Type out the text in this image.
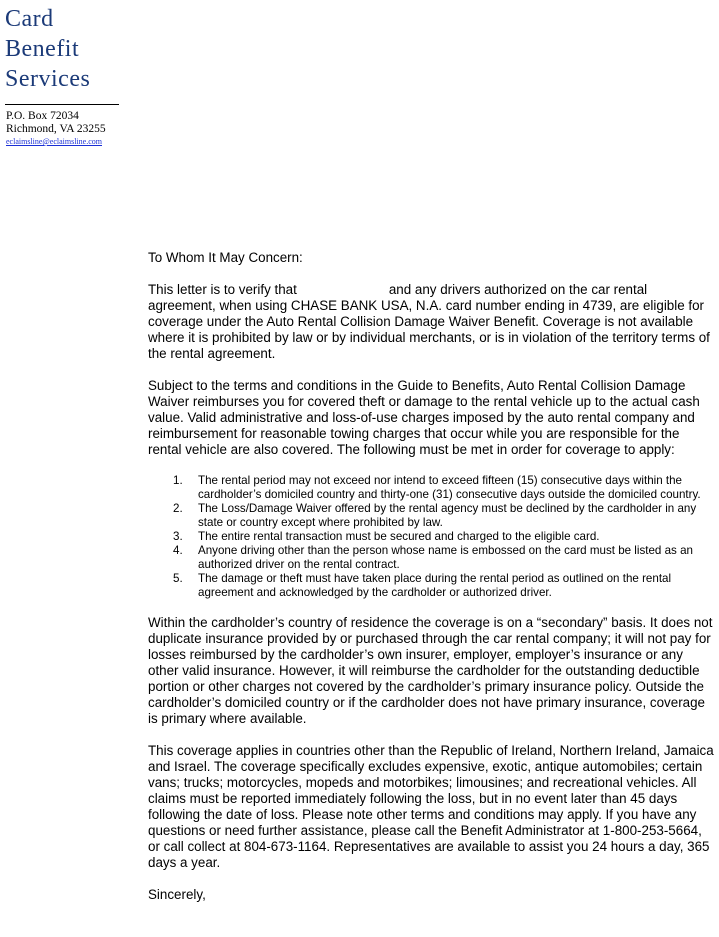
Card
Benefit
Services
P.O. Box 72034
Richmond, VA 23255
eclaimsline@eclaimsline.com

To Whom It May Concern:

This letter is to verify that	and any drivers authorized on the car rental agreement, when using CHASE BANK USA, N.A. card number ending in 4739, are eligible for coverage under the Auto Rental Collision Damage Waiver Benefit. Coverage is not available where it is prohibited by law or by individual merchants, or is in violation of the territory terms of the rental agreement.

Subject to the terms and conditions in the Guide to Benefits, Auto Rental Collision Damage Waiver reimburses you for covered theft or damage to the rental vehicle up to the actual cash value. Valid administrative and loss-of-use charges imposed by the auto rental company and reimbursement for reasonable towing charges that occur while you are responsible for the rental vehicle are also covered. The following must be met in order for coverage to apply:

1. The rental period may not exceed nor intend to exceed fifteen (15) consecutive days within the cardholder’s domiciled country and thirty-one (31) consecutive days outside the domiciled country.
2. The Loss/Damage Waiver offered by the rental agency must be declined by the cardholder in any state or country except where prohibited by law.
3. The entire rental transaction must be secured and charged to the eligible card.
4. Anyone driving other than the person whose name is embossed on the card must be listed as an authorized driver on the rental contract.
5. The damage or theft must have taken place during the rental period as outlined on the rental agreement and acknowledged by the cardholder or authorized driver.

Within the cardholder’s country of residence the coverage is on a “secondary” basis. It does not duplicate insurance provided by or purchased through the car rental company; it will not pay for losses reimbursed by the cardholder’s own insurer, employer, employer’s insurance or any other valid insurance. However, it will reimburse the cardholder for the outstanding deductible portion or other charges not covered by the cardholder’s primary insurance policy. Outside the cardholder’s domiciled country or if the cardholder does not have primary insurance, coverage is primary where available.

This coverage applies in countries other than the Republic of Ireland, Northern Ireland, Jamaica and Israel. The coverage specifically excludes expensive, exotic, antique automobiles; certain vans; trucks; motorcycles, mopeds and motorbikes; limousines; and recreational vehicles. All claims must be reported immediately following the loss, but in no event later than 45 days following the date of loss. Please note other terms and conditions may apply. If you have any questions or need further assistance, please call the Benefit Administrator at 1-800-253-5664, or call collect at 804-673-1164. Representatives are available to assist you 24 hours a day, 365 days a year.

Sincerely,
